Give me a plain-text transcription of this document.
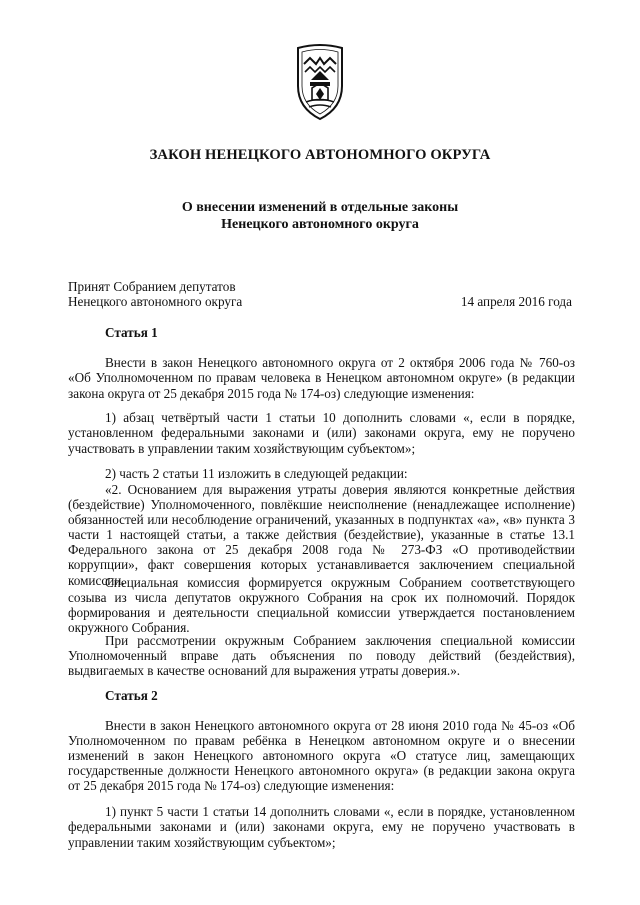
ЗАКОН НЕНЕЦКОГО АВТОНОМНОГО ОКРУГА
О внесении изменений в отдельные законы
Ненецкого автономного округа
Принят Собранием депутатов
Ненецкого автономного округа	14 апреля 2016 года
Статья 1

Внести в закон Ненецкого автономного округа от 2 октября 2006 года № 760-оз «Об Уполномоченном по правам человека в Ненецком автономном округе» (в редакции закона округа от 25 декабря 2015 года № 174-оз) следующие изменения:

1) абзац четвёртый части 1 статьи 10 дополнить словами «, если в порядке, установленном федеральными законами и (или) законами округа, ему не поручено участвовать в управлении таким хозяйствующим субъектом»;

2) часть 2 статьи 11 изложить в следующей редакции:

«2. Основанием для выражения утраты доверия являются конкретные действия (бездействие) Уполномоченного, повлёкшие неисполнение (ненадлежащее исполнение) обязанностей или несоблюдение ограничений, указанных в подпунктах «а», «в» пункта 3 части 1 настоящей статьи, а также действия (бездействие), указанные в статье 13.1 Федерального закона от 25 декабря 2008 года № 273-ФЗ «О противодействии коррупции», факт совершения которых устанавливается заключением специальной комиссии.

Специальная комиссия формируется окружным Собранием соответствующего созыва из числа депутатов окружного Собрания на срок их полномочий. Порядок формирования и деятельности специальной комиссии утверждается постановлением окружного Собрания.

При рассмотрении окружным Собранием заключения специальной комиссии Уполномоченный вправе дать объяснения по поводу действий (бездействия), выдвигаемых в качестве оснований для выражения утраты доверия.».

Статья 2

Внести в закон Ненецкого автономного округа от 28 июня 2010 года № 45-оз «Об Уполномоченном по правам ребёнка в Ненецком автономном округе и о внесении изменений в закон Ненецкого автономного округа «О статусе лиц, замещающих государственные должности Ненецкого автономного округа» (в редакции закона округа от 25 декабря 2015 года № 174-оз) следующие изменения:

1) пункт 5 части 1 статьи 14 дополнить словами «, если в порядке, установленном федеральными законами и (или) законами округа, ему не поручено участвовать в управлении таким хозяйствующим субъектом»;
